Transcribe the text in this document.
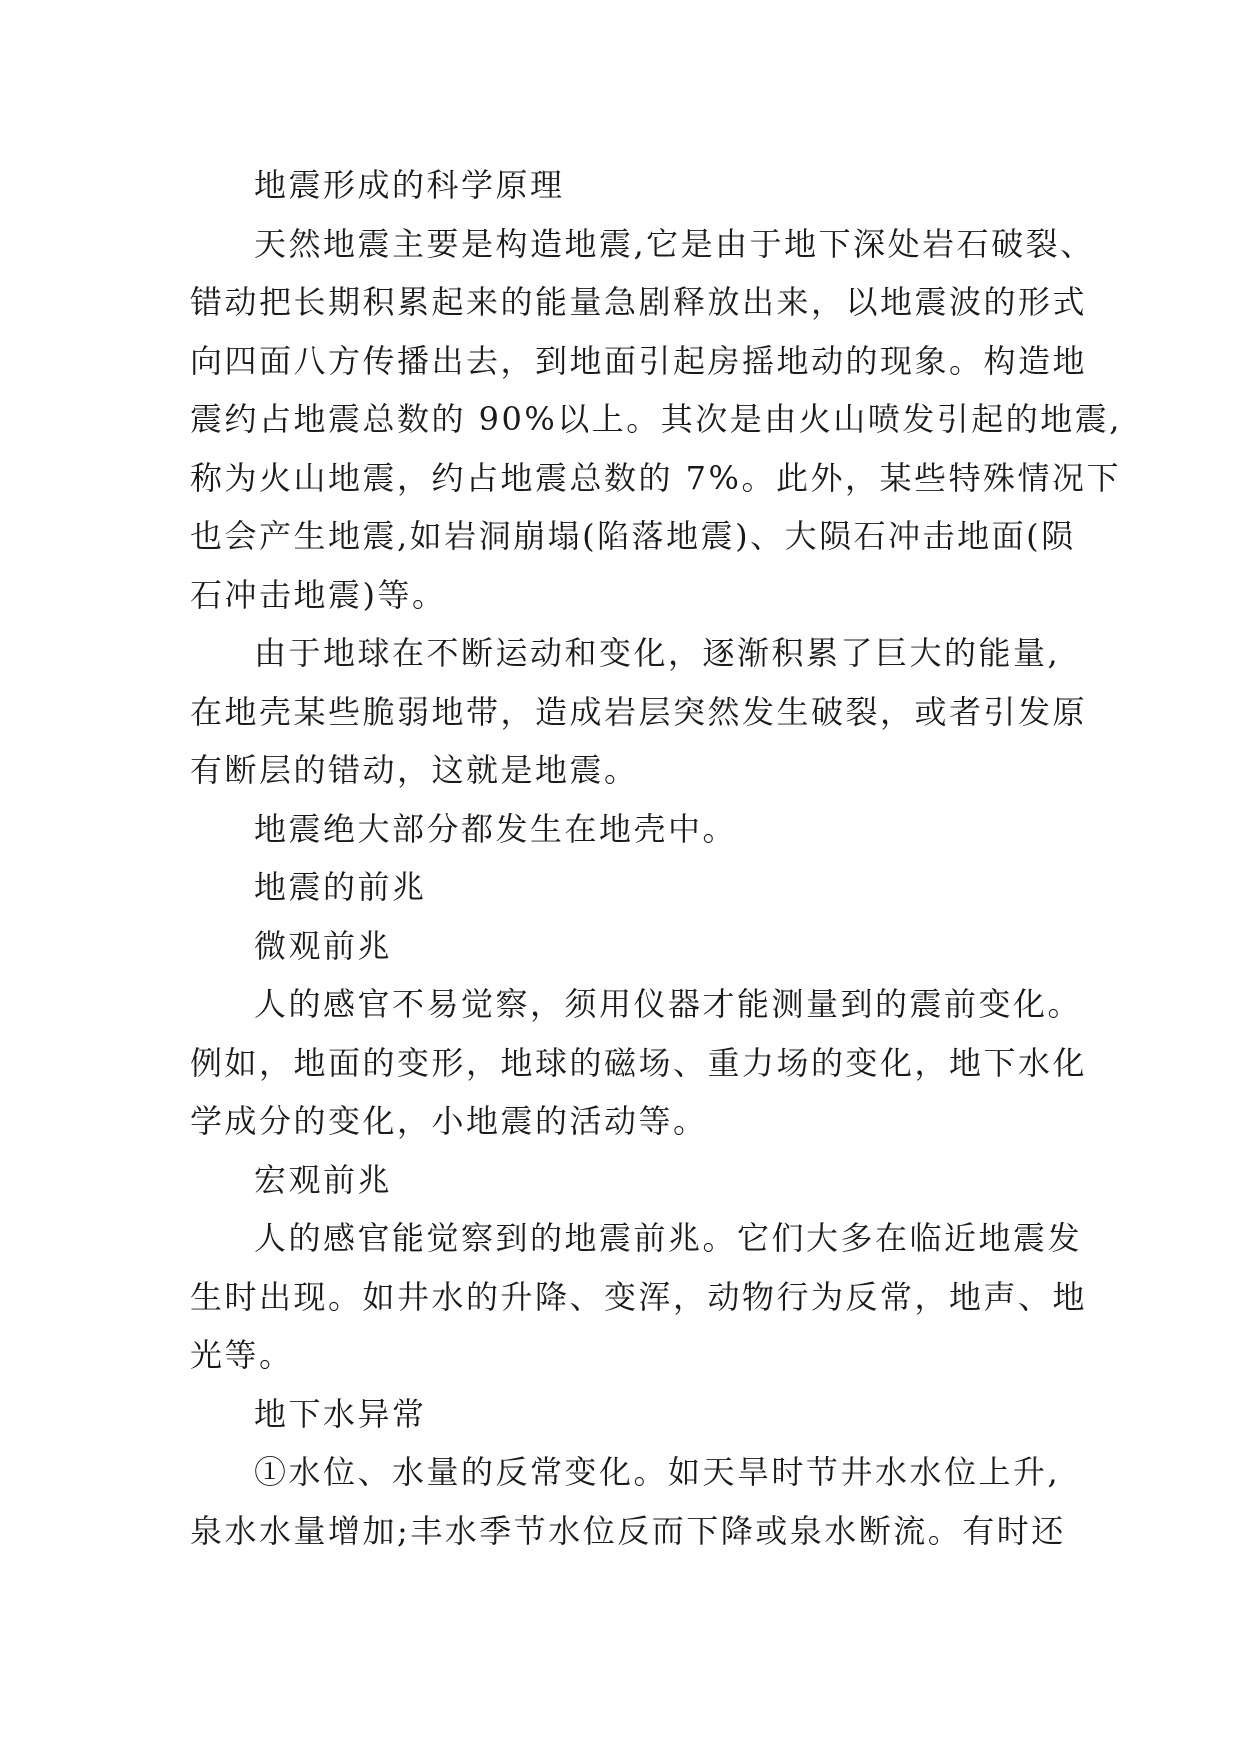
地震形成的科学原理
天然地震主要是构造地震,它是由于地下深处岩石破裂、
错动把长期积累起来的能量急剧释放出来，以地震波的形式
向四面八方传播出去，到地面引起房摇地动的现象。构造地
震约占地震总数的 90%以上。其次是由火山喷发引起的地震,
称为火山地震，约占地震总数的 7%。此外，某些特殊情况下
也会产生地震,如岩洞崩塌(陷落地震)、大陨石冲击地面(陨
石冲击地震)等。
由于地球在不断运动和变化，逐渐积累了巨大的能量,
在地壳某些脆弱地带，造成岩层突然发生破裂，或者引发原
有断层的错动，这就是地震。
地震绝大部分都发生在地壳中。
地震的前兆
微观前兆
人的感官不易觉察，须用仪器才能测量到的震前变化。
例如，地面的变形，地球的磁场、重力场的变化，地下水化
学成分的变化，小地震的活动等。
宏观前兆
人的感官能觉察到的地震前兆。它们大多在临近地震发
生时出现。如井水的升降、变浑，动物行为反常，地声、地
光等。
地下水异常
①水位、水量的反常变化。如天旱时节井水水位上升,
泉水水量增加;丰水季节水位反而下降或泉水断流。有时还
